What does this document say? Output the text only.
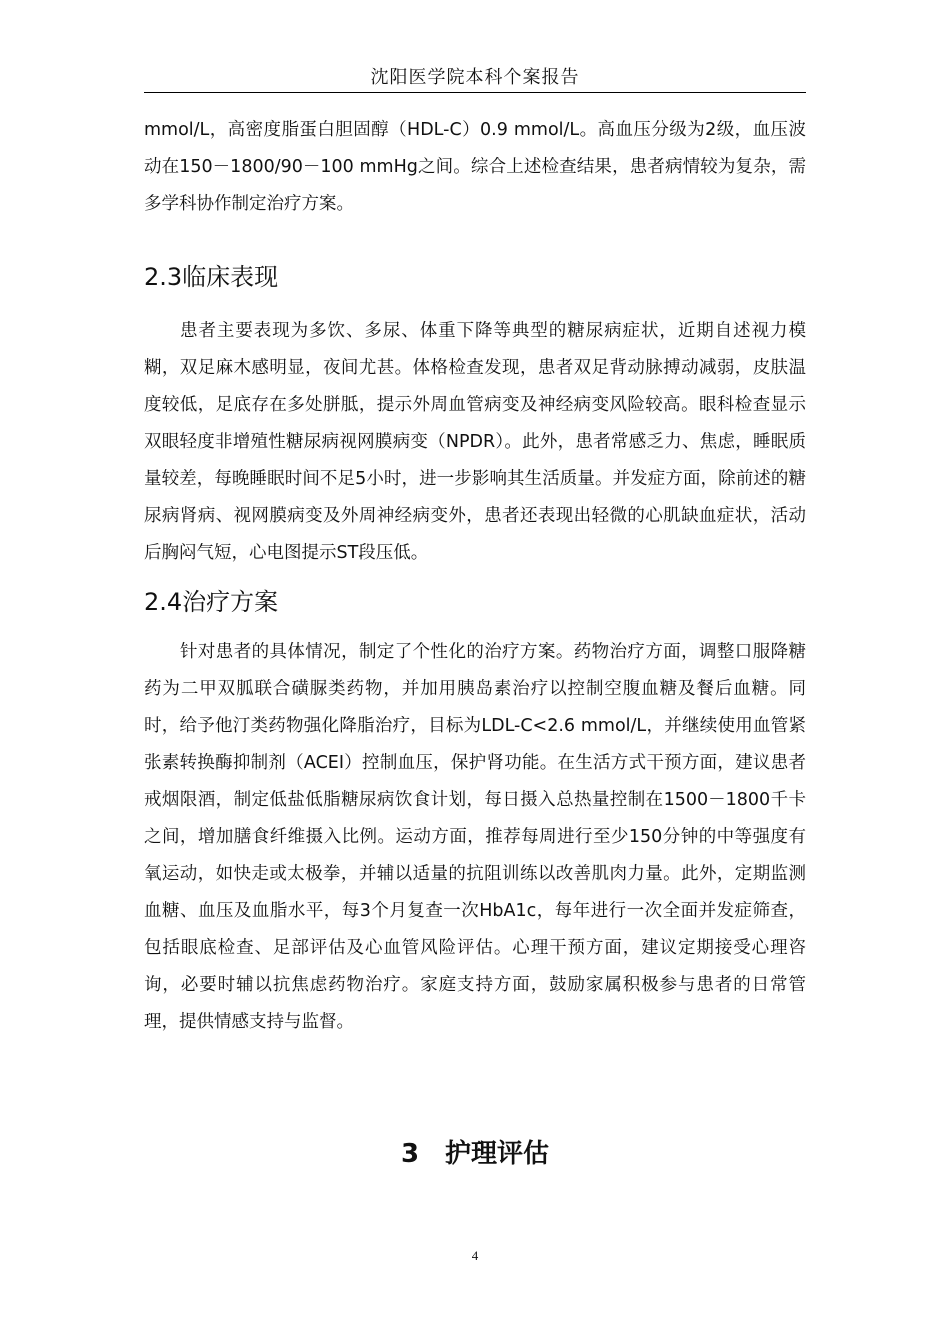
沈阳医学院本科个案报告

mmol/L，高密度脂蛋白胆固醇（HDL-C）0.9 mmol/L。高血压分级为2级，血压波动在150－1800/90－100 mmHg之间。综合上述检查结果，患者病情较为复杂，需多学科协作制定治疗方案。

2.3临床表现

患者主要表现为多饮、多尿、体重下降等典型的糖尿病症状，近期自述视力模糊，双足麻木感明显，夜间尤甚。体格检查发现，患者双足背动脉搏动减弱，皮肤温度较低，足底存在多处胼胝，提示外周血管病变及神经病变风险较高。眼科检查显示双眼轻度非增殖性糖尿病视网膜病变（NPDR）。此外，患者常感乏力、焦虑，睡眠质量较差，每晚睡眠时间不足5小时，进一步影响其生活质量。并发症方面，除前述的糖尿病肾病、视网膜病变及外周神经病变外，患者还表现出轻微的心肌缺血症状，活动后胸闷气短，心电图提示ST段压低。

2.4治疗方案

针对患者的具体情况，制定了个性化的治疗方案。药物治疗方面，调整口服降糖药为二甲双胍联合磺脲类药物，并加用胰岛素治疗以控制空腹血糖及餐后血糖。同时，给予他汀类药物强化降脂治疗，目标为LDL-C<2.6 mmol/L，并继续使用血管紧张素转换酶抑制剂（ACEI）控制血压，保护肾功能。在生活方式干预方面，建议患者戒烟限酒，制定低盐低脂糖尿病饮食计划，每日摄入总热量控制在1500－1800千卡之间，增加膳食纤维摄入比例。运动方面，推荐每周进行至少150分钟的中等强度有氧运动，如快走或太极拳，并辅以适量的抗阻训练以改善肌肉力量。此外，定期监测血糖、血压及血脂水平，每3个月复查一次HbA1c，每年进行一次全面并发症筛查，包括眼底检查、足部评估及心血管风险评估。心理干预方面，建议定期接受心理咨询，必要时辅以抗焦虑药物治疗。家庭支持方面，鼓励家属积极参与患者的日常管理，提供情感支持与监督。

3 护理评估
4
